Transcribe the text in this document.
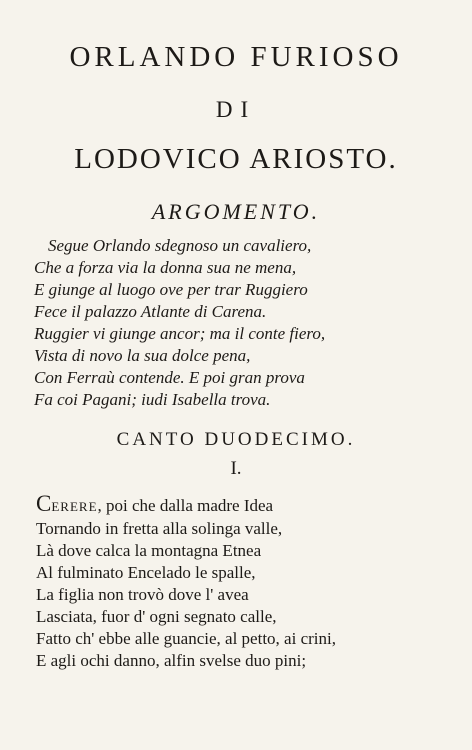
ORLANDO FURIOSO
DI
LODOVICO ARIOSTO.
ARGOMENTO.
Segue Orlando sdegnoso un cavaliero,
Che a forza via la donna sua ne mena,
E giunge al luogo ove per trar Ruggiero
Fece il palazzo Atlante di Carena.
Ruggier vi giunge ancor; ma il conte fiero,
Vista di novo la sua dolce pena,
Con Ferraù contende. E poi gran prova
Fa coi Pagani; iudi Isabella trova.
CANTO DUODECIMO.
I.
CERERE, poi che dalla madre Idea
Tornando in fretta alla solinga valle,
Là dove calca la montagna Etnea
Al fulminato Encelado le spalle,
La figlia non trovò dove l' avea
Lasciata, fuor d' ogni segnato calle,
Fatto ch' ebbe alle guancie, al petto, ai crini,
E agli ochi danno, alfin svelse duo pini;
